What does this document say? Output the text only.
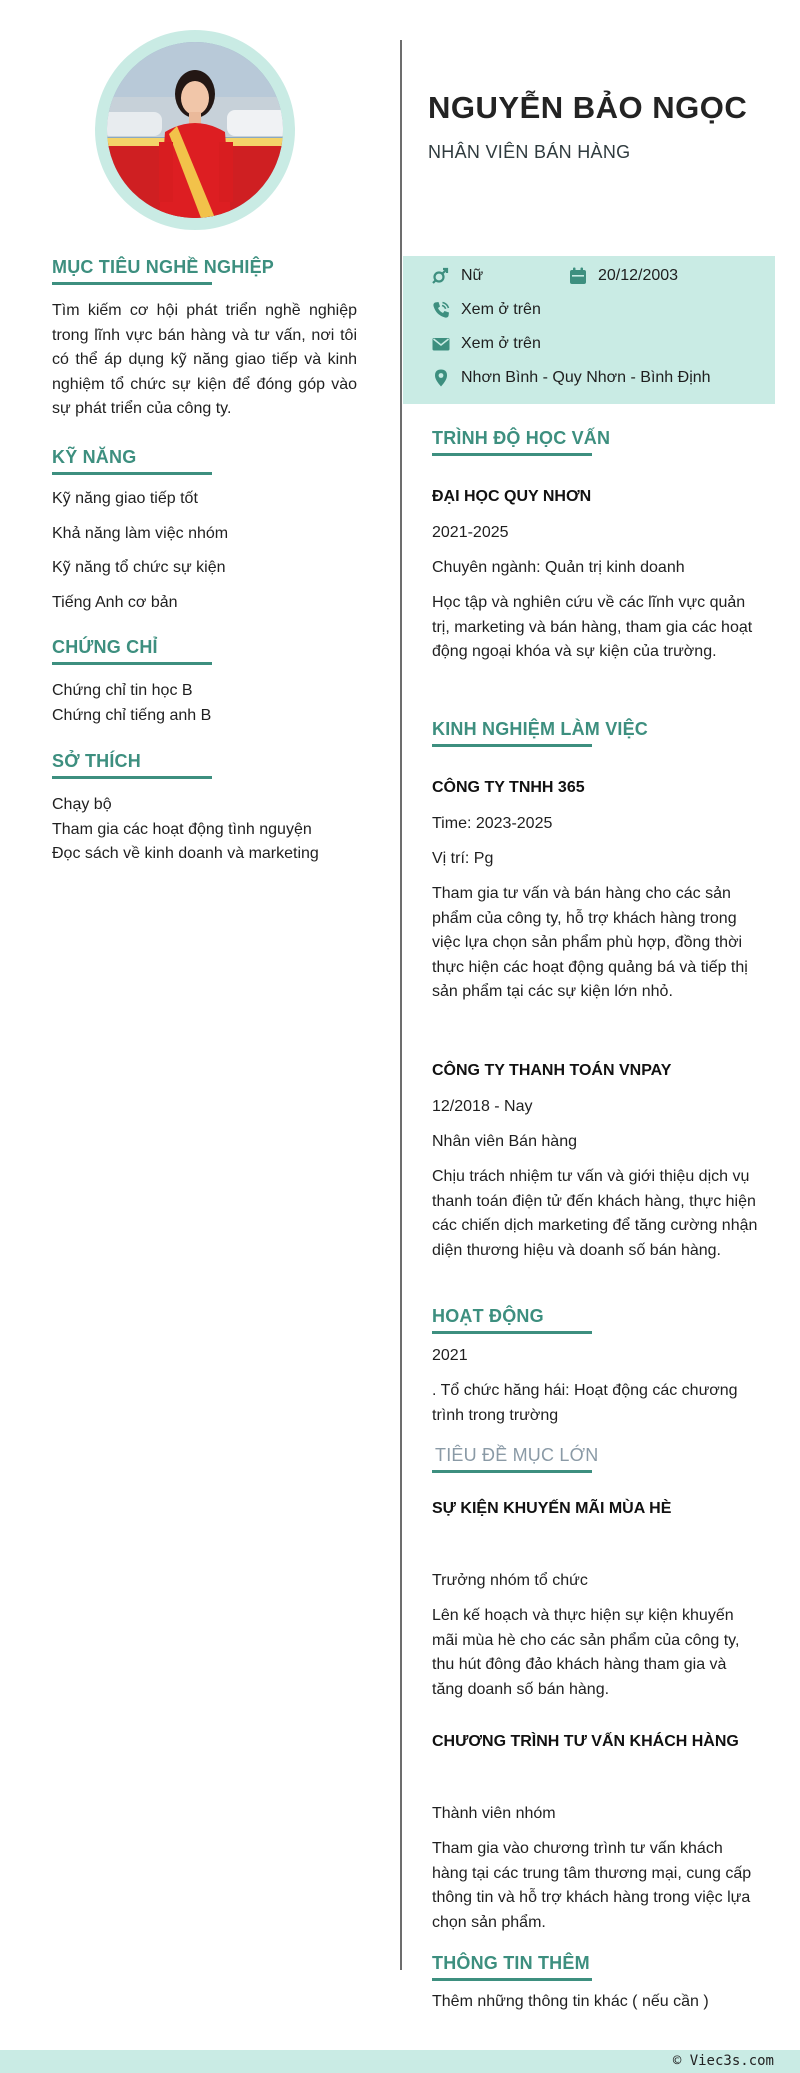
MỤC TIÊU NGHỀ NGHIỆP
Tìm kiếm cơ hội phát triển nghề nghiệp trong lĩnh vực bán hàng và tư vấn, nơi tôi có thể áp dụng kỹ năng giao tiếp và kinh nghiệm tổ chức sự kiện để đóng góp vào sự phát triển của công ty.
KỸ NĂNG
Kỹ năng giao tiếp tốt
Khả năng làm việc nhóm
Kỹ năng tổ chức sự kiện
Tiếng Anh cơ bản
CHỨNG CHỈ
Chứng chỉ tin học B
Chứng chỉ tiếng anh B
SỞ THÍCH
Chạy bộ
Tham gia các hoạt động tình nguyện
Đọc sách về kinh doanh và marketing
NGUYỄN BẢO NGỌC
NHÂN VIÊN BÁN HÀNG
Nữ	20/12/2003
Xem ở trên
Xem ở trên
Nhơn Bình - Quy Nhơn - Bình Định
TRÌNH ĐỘ HỌC VẤN
ĐẠI HỌC QUY NHƠN
2021-2025
Chuyên ngành: Quản trị kinh doanh
Học tập và nghiên cứu về các lĩnh vực quản trị, marketing và bán hàng, tham gia các hoạt động ngoại khóa và sự kiện của trường.
KINH NGHIỆM LÀM VIỆC
CÔNG TY TNHH 365
Time: 2023-2025
Vị trí: Pg
Tham gia tư vấn và bán hàng cho các sản phẩm của công ty, hỗ trợ khách hàng trong việc lựa chọn sản phẩm phù hợp, đồng thời thực hiện các hoạt động quảng bá và tiếp thị sản phẩm tại các sự kiện lớn nhỏ.
CÔNG TY THANH TOÁN VNPAY
12/2018 - Nay
Nhân viên Bán hàng
Chịu trách nhiệm tư vấn và giới thiệu dịch vụ thanh toán điện tử đến khách hàng, thực hiện các chiến dịch marketing để tăng cường nhận diện thương hiệu và doanh số bán hàng.
HOẠT ĐỘNG
2021
. Tổ chức hăng hái: Hoạt động các chương trình trong trường
TIÊU ĐỀ MỤC LỚN
SỰ KIỆN KHUYẾN MÃI MÙA HÈ
Trưởng nhóm tổ chức
Lên kế hoạch và thực hiện sự kiện khuyến mãi mùa hè cho các sản phẩm của công ty, thu hút đông đảo khách hàng tham gia và tăng doanh số bán hàng.
CHƯƠNG TRÌNH TƯ VẤN KHÁCH HÀNG
Thành viên nhóm
Tham gia vào chương trình tư vấn khách hàng tại các trung tâm thương mại, cung cấp thông tin và hỗ trợ khách hàng trong việc lựa chọn sản phẩm.
THÔNG TIN THÊM
Thêm những thông tin khác ( nếu cần )
© Viec3s.com
